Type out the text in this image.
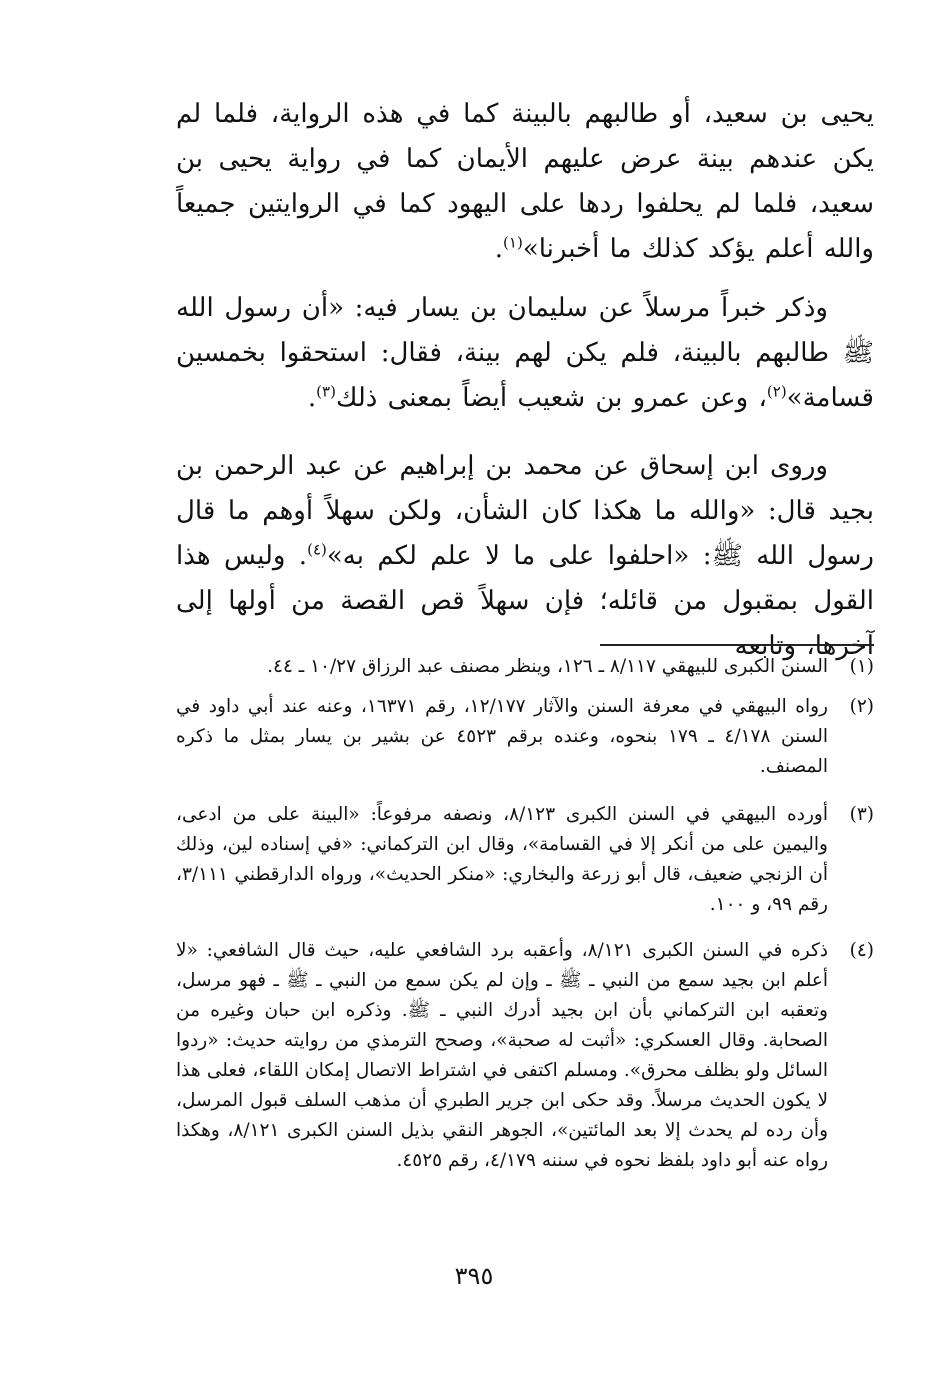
يحيى بن سعيد، أو طالبهم بالبينة كما في هذه الرواية، فلما لم يكن عندهم بينة عرض عليهم الأيمان كما في رواية يحيى بن سعيد، فلما لم يحلفوا ردها على اليهود كما في الروايتين جميعاً والله أعلم يؤكد كذلك ما أخبرنا»$^{(١)}$.

وذكر خبراً مرسلاً عن سليمان بن يسار فيه: «أن رسول الله ﷺ طالبهم بالبينة، فلم يكن لهم بينة، فقال: استحقوا بخمسين قسامة»$^{(٢)}$، وعن عمرو بن شعيب أيضاً بمعنى ذلك$^{(٣)}$.

وروى ابن إسحاق عن محمد بن إبراهيم عن عبد الرحمن بن بجيد قال: «والله ما هكذا كان الشأن، ولكن سهلاً أوهم ما قال رسول الله ﷺ: «احلفوا على ما لا علم لكم به»$^{(٤)}$. وليس هذا القول بمقبول من قائله؛ فإن سهلاً قص القصة من أولها إلى آخرها، وتابعه

(١)
السنن الكبرى للبيهقي ٨/١١٧ ـ ١٢٦، وينظر مصنف عبد الرزاق ١٠/٢٧ ـ ٤٤.
(٢)
رواه البيهقي في معرفة السنن والآثار ١٢/١٧٧، رقم ١٦٣٧١، وعنه عند أبي داود في السنن ٤/١٧٨ ـ ١٧٩ بنحوه، وعنده برقم ٤٥٢٣ عن بشير بن يسار بمثل ما ذكره المصنف.
(٣)
أورده البيهقي في السنن الكبرى ٨/١٢٣، ونصفه مرفوعاً: «البينة على من ادعى، واليمين على من أنكر إلا في القسامة»، وقال ابن التركماني: «في إسناده لين، وذلك أن الزنجي ضعيف، قال أبو زرعة والبخاري: «منكر الحديث»، ورواه الدارقطني ٣/١١١، رقم ٩٩، و ١٠٠.
(٤)
ذكره في السنن الكبرى ٨/١٢١، وأعقبه برد الشافعي عليه، حيث قال الشافعي: «لا أعلم ابن بجيد سمع من النبي ـ ﷺ ـ وإن لم يكن سمع من النبي ـ ﷺ ـ فهو مرسل، وتعقبه ابن التركماني بأن ابن بجيد أدرك النبي ـ ﷺ. وذكره ابن حبان وغيره من الصحابة. وقال العسكري: «أثبت له صحبة»، وصحح الترمذي من روايته حديث: «ردوا السائل ولو بظلف محرق». ومسلم اكتفى في اشتراط الاتصال إمكان اللقاء، فعلى هذا لا يكون الحديث مرسلاً. وقد حكى ابن جرير الطبري أن مذهب السلف قبول المرسل، وأن رده لم يحدث إلا بعد المائتين»، الجوهر النقي بذيل السنن الكبرى ٨/١٢١، وهكذا رواه عنه أبو داود بلفظ نحوه في سننه ٤/١٧٩، رقم ٤٥٢٥.
٣٩٥
